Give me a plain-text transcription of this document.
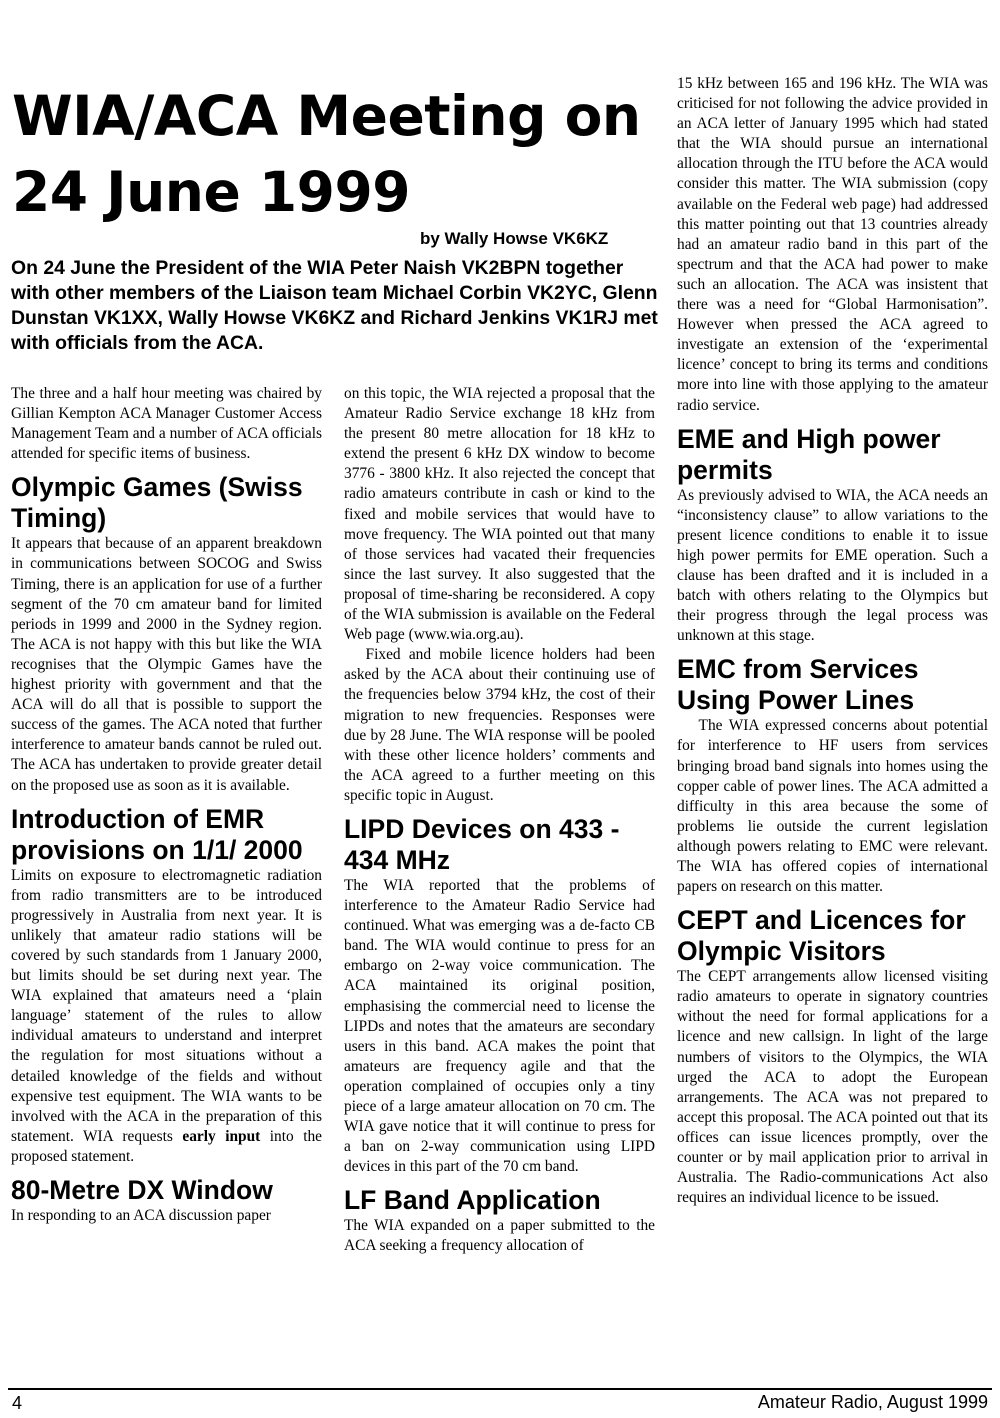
WIA/ACA Meeting on 24 June 1999
by Wally Howse VK6KZ

On 24 June the President of the WIA Peter Naish VK2BPN together with other members of the Liaison team Michael Corbin VK2YC, Glenn Dunstan VK1XX, Wally Howse VK6KZ and Richard Jenkins VK1RJ met with officials from the ACA.

The three and a half hour meeting was chaired by Gillian Kempton ACA Manager Customer Access Management Team and a number of ACA officials attended for specific items of business.

Olympic Games (Swiss Timing)

It appears that because of an apparent breakdown in communications between SOCOG and Swiss Timing, there is an application for use of a further segment of the 70 cm amateur band for limited periods in 1999 and 2000 in the Sydney region. The ACA is not happy with this but like the WIA recognises that the Olympic Games have the highest priority with government and that the ACA will do all that is possible to support the success of the games. The ACA noted that further interference to amateur bands cannot be ruled out. The ACA has undertaken to provide greater detail on the proposed use as soon as it is available.

Introduction of EMR provisions on 1/1/ 2000

Limits on exposure to electromagnetic radiation from radio transmitters are to be introduced progressively in Australia from next year. It is unlikely that amateur radio stations will be covered by such standards from 1 January 2000, but limits should be set during next year. The WIA explained that amateurs need a ‘plain language’ statement of the rules to allow individual amateurs to understand and interpret the regulation for most situations without a detailed knowledge of the fields and without expensive test equipment. The WIA wants to be involved with the ACA in the preparation of this statement. WIA requests early input into the proposed statement.

80-Metre DX Window

In responding to an ACA discussion paper

on this topic, the WIA rejected a proposal that the Amateur Radio Service exchange 18 kHz from the present 80 metre allocation for 18 kHz to extend the present 6 kHz DX window to become 3776 - 3800 kHz. It also rejected the concept that radio amateurs contribute in cash or kind to the fixed and mobile services that would have to move frequency. The WIA pointed out that many of those services had vacated their frequencies since the last survey. It also suggested that the proposal of time-sharing be reconsidered. A copy of the WIA submission is available on the Federal Web page (www.wia.org.au).

Fixed and mobile licence holders had been asked by the ACA about their continuing use of the frequencies below 3794 kHz, the cost of their migration to new frequencies. Responses were due by 28 June. The WIA response will be pooled with these other licence holders’ comments and the ACA agreed to a further meeting on this specific topic in August.

LIPD Devices on 433 - 434 MHz

The WIA reported that the problems of interference to the Amateur Radio Service had continued. What was emerging was a de-facto CB band. The WIA would continue to press for an embargo on 2-way voice communication. The ACA maintained its original position, emphasising the commercial need to license the LIPDs and notes that the amateurs are secondary users in this band. ACA makes the point that amateurs are frequency agile and that the operation complained of occupies only a tiny piece of a large amateur allocation on 70 cm. The WIA gave notice that it will continue to press for a ban on 2-way communication using LIPD devices in this part of the 70 cm band.

LF Band Application

The WIA expanded on a paper submitted to the ACA seeking a frequency allocation of

15 kHz between 165 and 196 kHz. The WIA was criticised for not following the advice provided in an ACA letter of January 1995 which had stated that the WIA should pursue an international allocation through the ITU before the ACA would consider this matter. The WIA submission (copy available on the Federal web page) had addressed this matter pointing out that 13 countries already had an amateur radio band in this part of the spectrum and that the ACA had power to make such an allocation. The ACA was insistent that there was a need for “Global Harmonisation”. However when pressed the ACA agreed to investigate an extension of the ‘experimental licence’ concept to bring its terms and conditions more into line with those applying to the amateur radio service.

EME and High power permits

As previously advised to WIA, the ACA needs an “inconsistency clause” to allow variations to the present licence conditions to enable it to issue high power permits for EME operation. Such a clause has been drafted and it is included in a batch with others relating to the Olympics but their progress through the legal process was unknown at this stage.

EMC from Services Using Power Lines

The WIA expressed concerns about potential for interference to HF users from services bringing broad band signals into homes using the copper cable of power lines. The ACA admitted a difficulty in this area because the some of problems lie outside the current legislation although powers relating to EMC were relevant. The WIA has offered copies of international papers on research on this matter.

CEPT and Licences for Olympic Visitors

The CEPT arrangements allow licensed visiting radio amateurs to operate in signatory countries without the need for formal applications for a licence and new callsign. In light of the large numbers of visitors to the Olympics, the WIA urged the ACA to adopt the European arrangements. The ACA was not prepared to accept this proposal. The ACA pointed out that its offices can issue licences promptly, over the counter or by mail application prior to arrival in Australia. The Radio-communications Act also requires an individual licence to be issued.

4	Amateur Radio, August 1999
